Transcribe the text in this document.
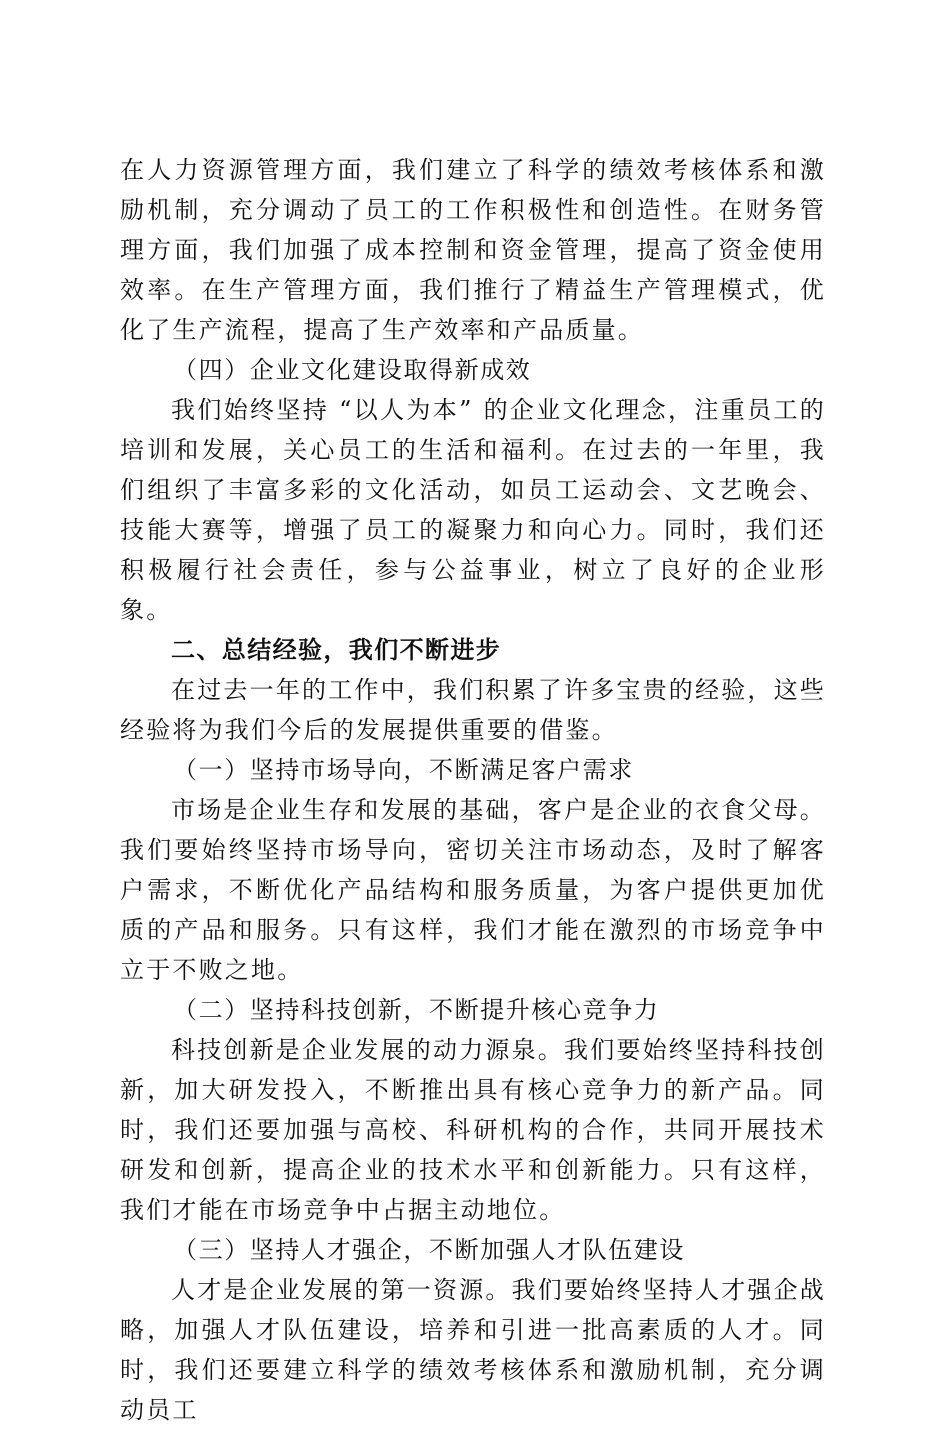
在人力资源管理方面，我们建立了科学的绩效考核体系和激励机制，充分调动了员工的工作积极性和创造性。在财务管理方面，我们加强了成本控制和资金管理，提高了资金使用效率。在生产管理方面，我们推行了精益生产管理模式，优化了生产流程，提高了生产效率和产品质量。

（四）企业文化建设取得新成效

我们始终坚持 “以人为本” 的企业文化理念，注重员工的培训和发展，关心员工的生活和福利。在过去的一年里，我们组织了丰富多彩的文化活动，如员工运动会、文艺晚会、技能大赛等，增强了员工的凝聚力和向心力。同时，我们还积极履行社会责任，参与公益事业，树立了良好的企业形象。

二、总结经验，我们不断进步

在过去一年的工作中，我们积累了许多宝贵的经验，这些经验将为我们今后的发展提供重要的借鉴。

（一）坚持市场导向，不断满足客户需求

市场是企业生存和发展的基础，客户是企业的衣食父母。我们要始终坚持市场导向，密切关注市场动态，及时了解客户需求，不断优化产品结构和服务质量，为客户提供更加优质的产品和服务。只有这样，我们才能在激烈的市场竞争中立于不败之地。

（二）坚持科技创新，不断提升核心竞争力

科技创新是企业发展的动力源泉。我们要始终坚持科技创新，加大研发投入，不断推出具有核心竞争力的新产品。同时，我们还要加强与高校、科研机构的合作，共同开展技术研发和创新，提高企业的技术水平和创新能力。只有这样，我们才能在市场竞争中占据主动地位。

（三）坚持人才强企，不断加强人才队伍建设

人才是企业发展的第一资源。我们要始终坚持人才强企战略，加强人才队伍建设，培养和引进一批高素质的人才。同时，我们还要建立科学的绩效考核体系和激励机制，充分调动员工
